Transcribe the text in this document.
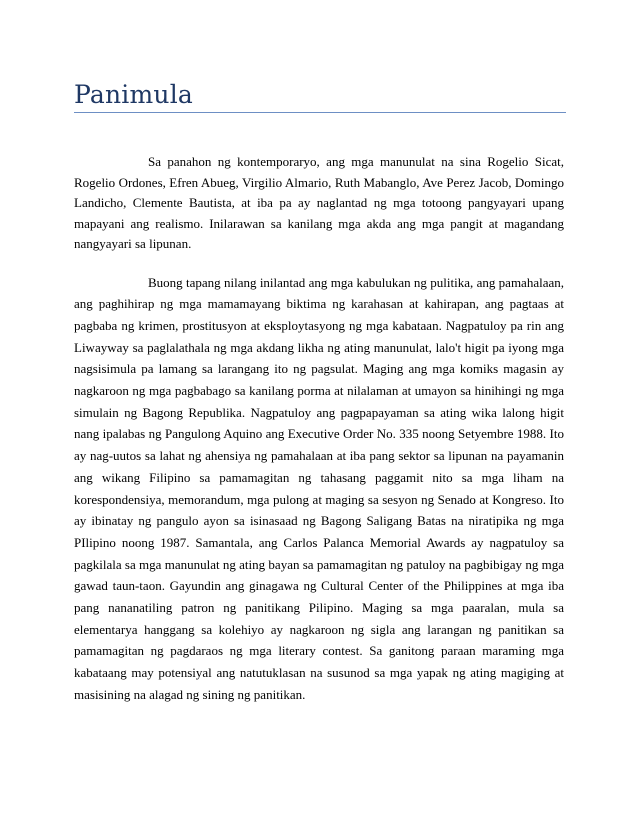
Panimula

Sa panahon ng kontemporaryo, ang mga manunulat na sina Rogelio Sicat, Rogelio Ordones, Efren Abueg, Virgilio Almario, Ruth Mabanglo, Ave Perez Jacob, Domingo Landicho, Clemente Bautista, at iba pa ay naglantad ng mga totoong pangyayari upang mapayani ang realismo. Inilarawan sa kanilang mga akda ang mga pangit at magandang nangyayari sa lipunan.

Buong tapang nilang inilantad ang mga kabulukan ng pulitika, ang pamahalaan, ang paghihirap ng mga mamamayang biktima ng karahasan at kahirapan, ang pagtaas at pagbaba ng krimen, prostitusyon at eksploytasyong ng mga kabataan. Nagpatuloy pa rin ang Liwayway sa paglalathala ng mga akdang likha ng ating manunulat, lalo't higit pa iyong mga nagsisimula pa lamang sa larangang ito ng pagsulat. Maging ang mga komiks magasin ay nagkaroon ng mga pagbabago sa kanilang porma at nilalaman at umayon sa hinihingi ng mga simulain ng Bagong Republika. Nagpatuloy ang pagpapayaman sa ating wika lalong higit nang ipalabas ng Pangulong Aquino ang Executive Order No. 335 noong Setyembre 1988. Ito ay nag-uutos sa lahat ng ahensiya ng pamahalaan at iba pang sektor sa lipunan na payamanin ang wikang Filipino sa pamamagitan ng tahasang paggamit nito sa mga liham na korespondensiya, memorandum, mga pulong at maging sa sesyon ng Senado at Kongreso. Ito ay ibinatay ng pangulo ayon sa isinasaad ng Bagong Saligang Batas na niratipika ng mga PIlipino noong 1987. Samantala, ang Carlos Palanca Memorial Awards ay nagpatuloy sa pagkilala sa mga manunulat ng ating bayan sa pamamagitan ng patuloy na pagbibigay ng mga gawad taun-taon. Gayundin ang ginagawa ng Cultural Center of the Philippines at mga iba pang nananatiling patron ng panitikang Pilipino. Maging sa mga paaralan, mula sa elementarya hanggang sa kolehiyo ay nagkaroon ng sigla ang larangan ng panitikan sa pamamagitan ng pagdaraos ng mga literary contest. Sa ganitong paraan maraming mga kabataang may potensiyal ang natutuklasan na susunod sa mga yapak ng ating magiging at masisining na alagad ng sining ng panitikan.
